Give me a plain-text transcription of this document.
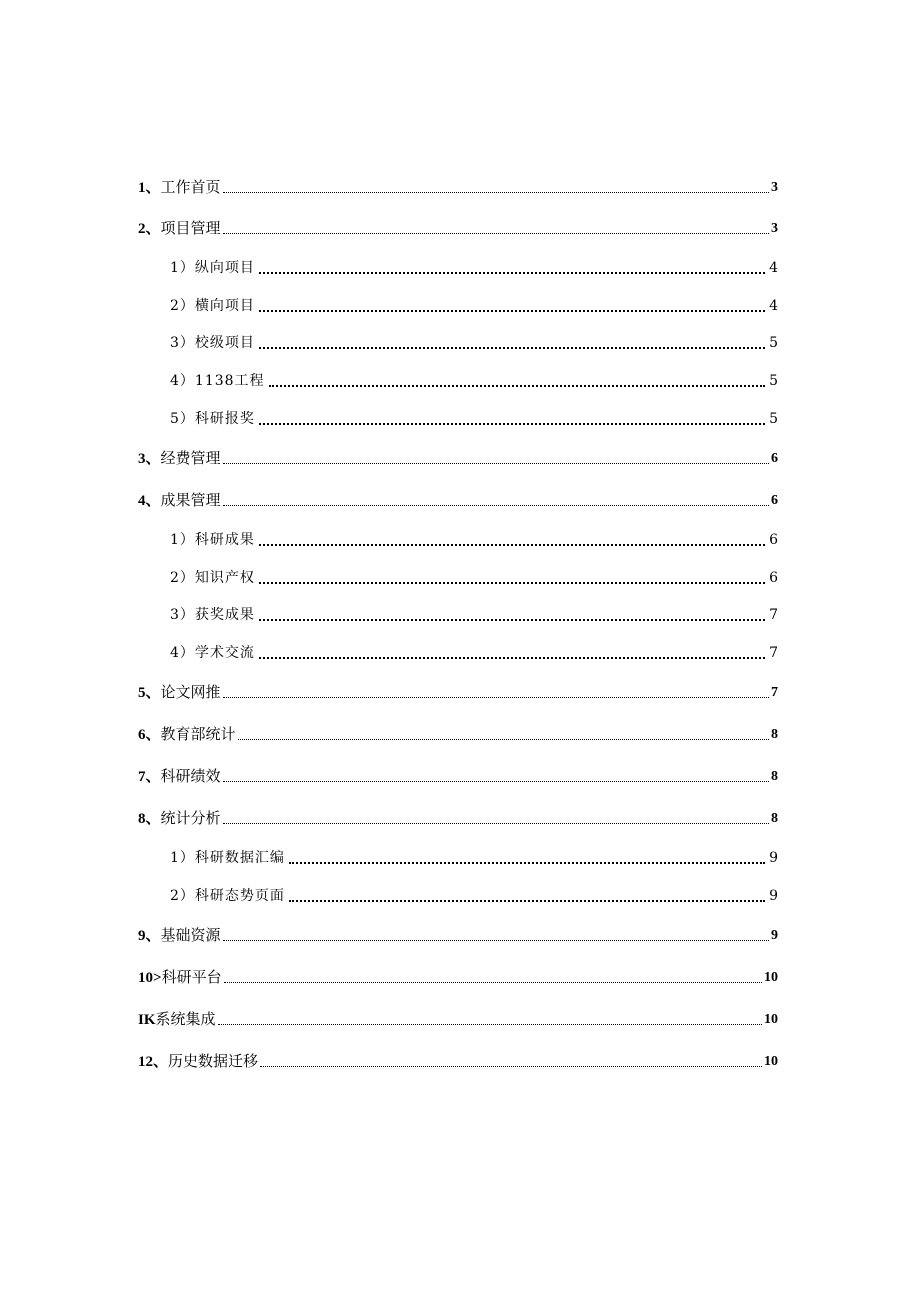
1、工作首页	3
2、项目管理	3
1）纵向项目	4
2）横向项目	4
3）校级项目	5
4）1138工程	5
5）科研报奖	5
3、经费管理	6
4、成果管理	6
1）科研成果	6
2）知识产权	6
3）获奖成果	7
4）学术交流	7
5、论文网推	7
6、教育部统计	8
7、科研绩效	8
8、统计分析	8
1）科研数据汇编	9
2）科研态势页面	9
9、基础资源	9
10>科研平台	10
IK系统集成	10
12、历史数据迁移	10
